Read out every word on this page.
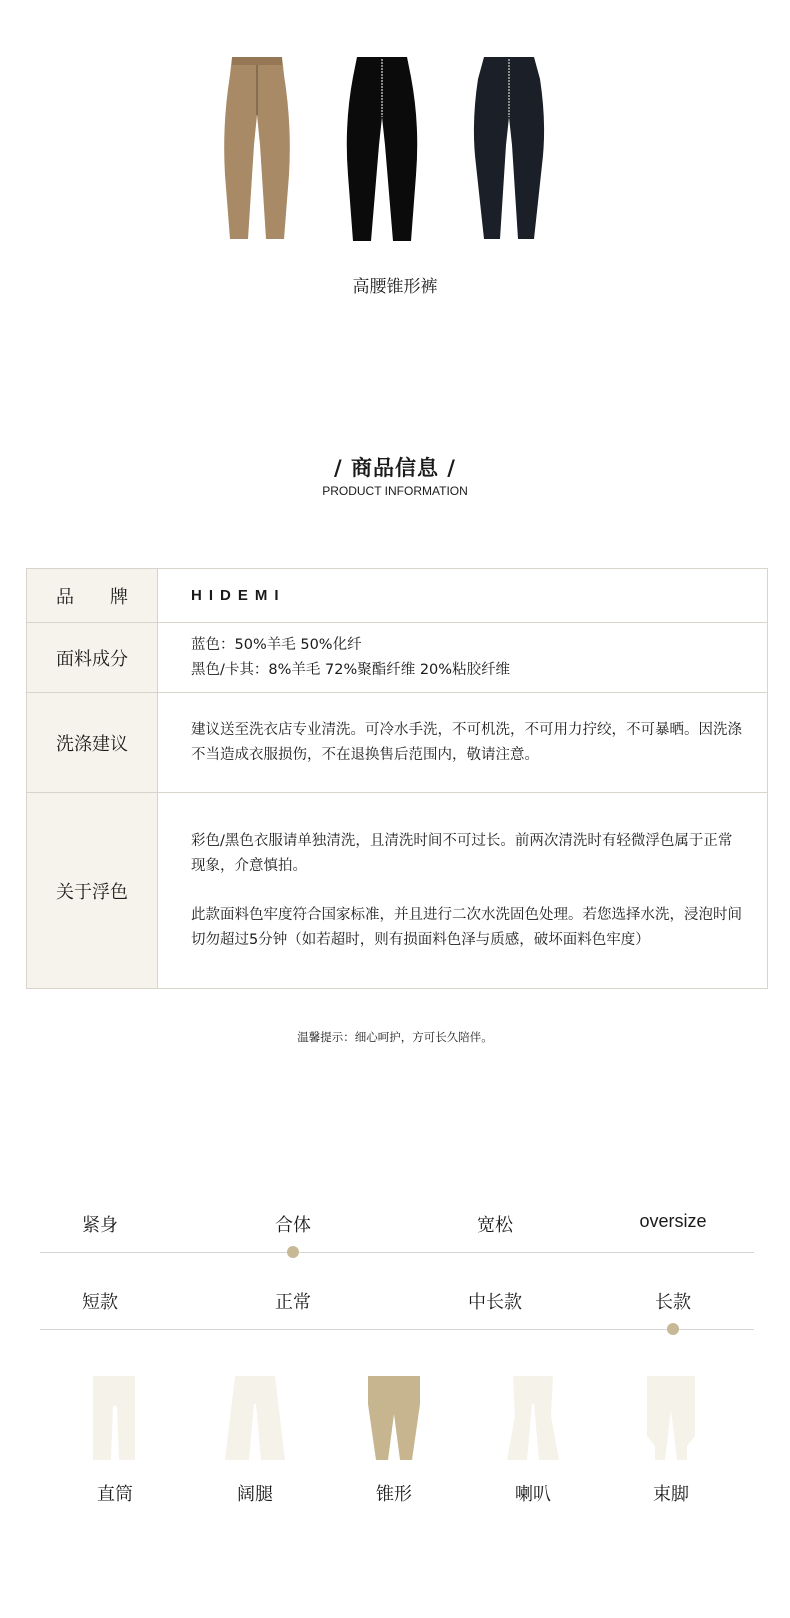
高腰锥形裤
/ 商品信息 /
PRODUCT INFORMATION
品　　牌	HIDEMI
面料成分	蓝色：50%羊毛 50%化纤
黑色/卡其：8%羊毛 72%聚酯纤维 20%粘胶纤维

洗涤建议	建议送至洗衣店专业清洗。可冷水手洗，不可机洗，不可用力拧绞，不可暴晒。因洗涤不当造成衣服损伤，不在退换售后范围内，敬请注意。
关于浮色	彩色/黑色衣服请单独清洗，且清洗时间不可过长。前两次清洗时有轻微浮色属于正常现象，介意慎拍。
此款面料色牢度符合国家标准，并且进行二次水洗固色处理。若您选择水洗，浸泡时间切勿超过5分钟（如若超时，则有损面料色泽与质感，破坏面料色牢度）
温馨提示：细心呵护，方可长久陪伴。
紧身	合体	宽松	oversize
短款	正常	中长款	长款
直筒	阔腿	锥形	喇叭	束脚
